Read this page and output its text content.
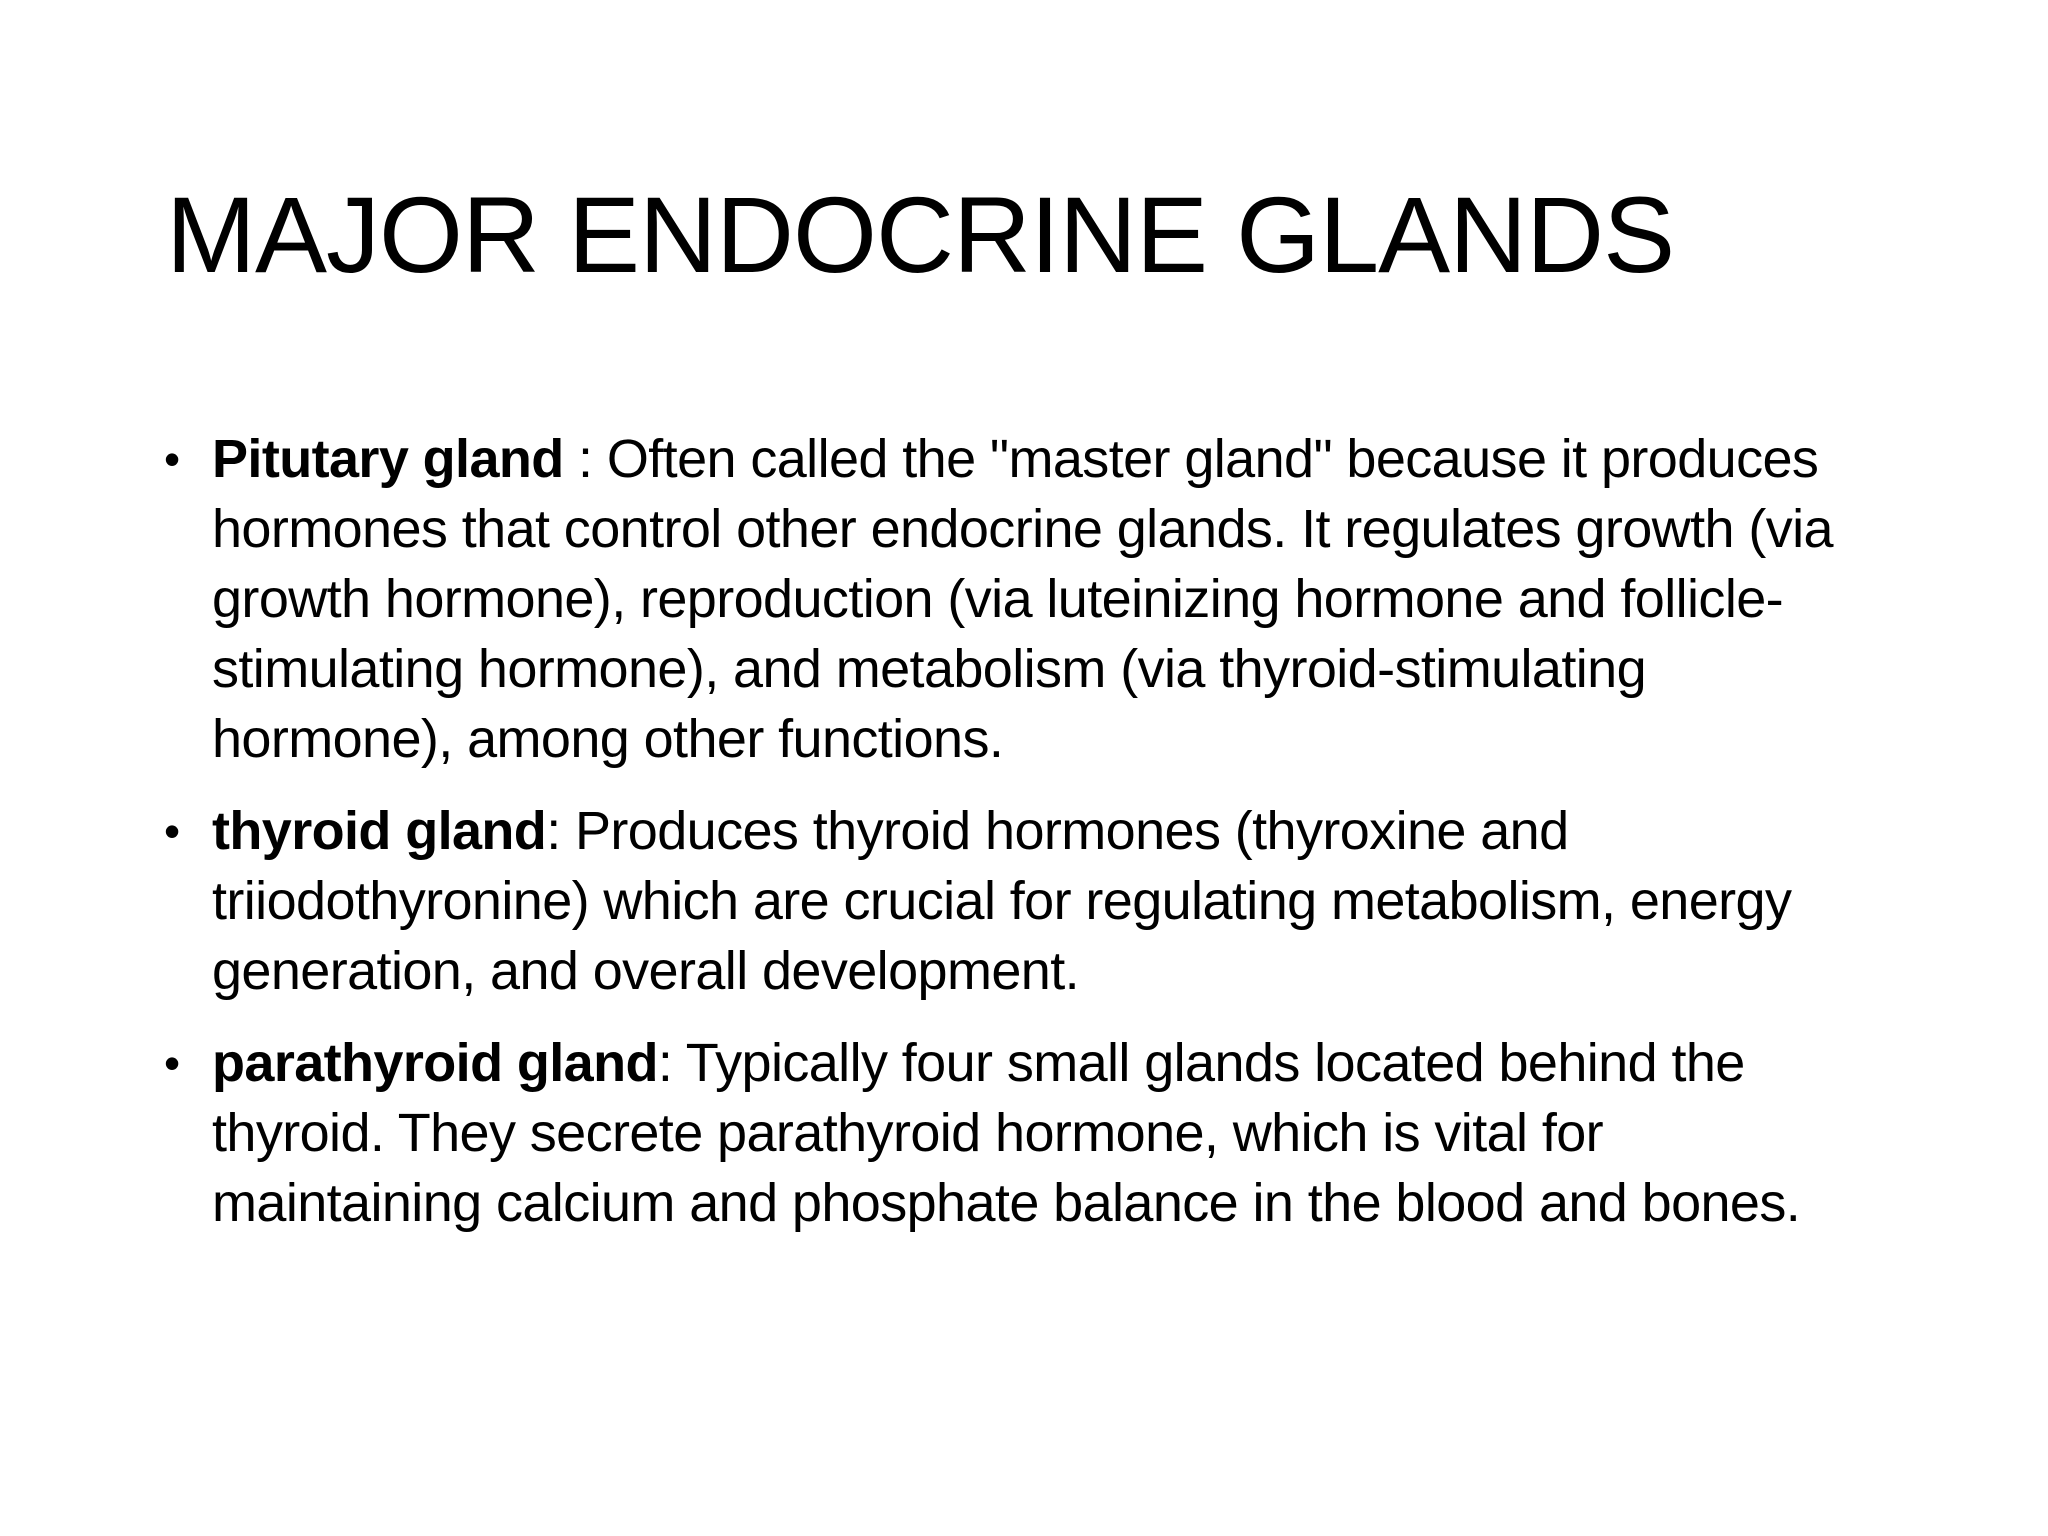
MAJOR ENDOCRINE GLANDS
• Pitutary gland : Often called the "master gland" because it produces hormones that control other endocrine glands. It regulates growth (via growth hormone), reproduction (via luteinizing hormone and follicle-stimulating hormone), and metabolism (via thyroid-stimulating hormone), among other functions.
• thyroid gland: Produces thyroid hormones (thyroxine and triiodothyronine) which are crucial for regulating metabolism, energy generation, and overall development.
• parathyroid gland: Typically four small glands located behind the thyroid. They secrete parathyroid hormone, which is vital for maintaining calcium and phosphate balance in the blood and bones.
